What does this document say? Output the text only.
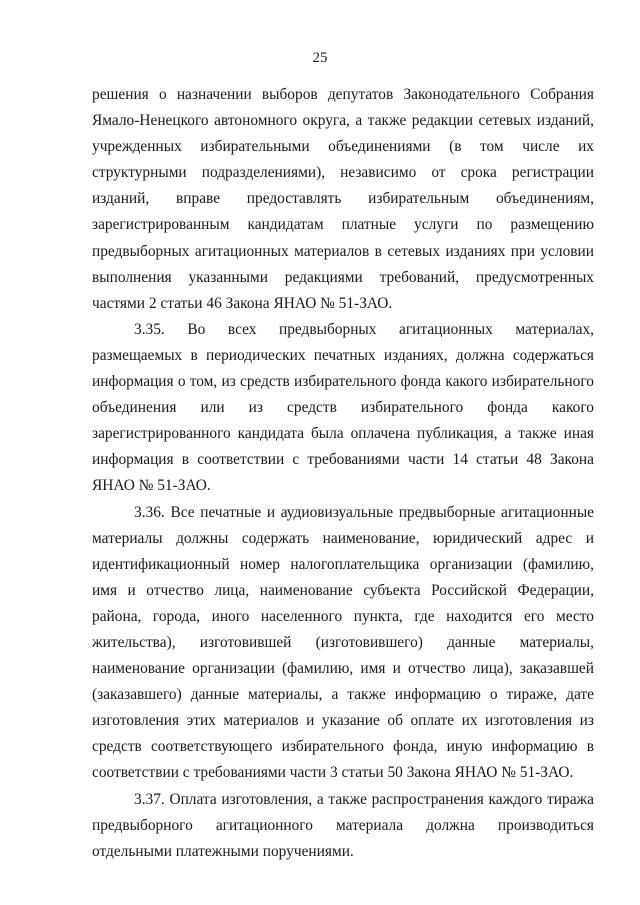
25

решения о назначении выборов депутатов Законодательного Собрания Ямало-Ненецкого автономного округа, а также редакции сетевых изданий, учрежденных избирательными объединениями (в том числе их структурными подразделениями), независимо от срока регистрации изданий, вправе предоставлять избирательным объединениям, зарегистрированным кандидатам платные услуги по размещению предвыборных агитационных материалов в сетевых изданиях при условии выполнения указанными редакциями требований, предусмотренных частями 2 статьи 46 Закона ЯНАО № 51-ЗАО.

3.35. Во всех предвыборных агитационных материалах, размещаемых в периодических печатных изданиях, должна содержаться информация о том, из средств избирательного фонда какого избирательного объединения или из средств избирательного фонда какого зарегистрированного кандидата была оплачена публикация, а также иная информация в соответствии с требованиями части 14 статьи 48 Закона ЯНАО № 51-ЗАО.

3.36. Все печатные и аудиовизуальные предвыборные агитационные материалы должны содержать наименование, юридический адрес и идентификационный номер налогоплательщика организации (фамилию, имя и отчество лица, наименование субъекта Российской Федерации, района, города, иного населенного пункта, где находится его место жительства), изготовившей (изготовившего) данные материалы, наименование организации (фамилию, имя и отчество лица), заказавшей (заказавшего) данные материалы, а также информацию о тираже, дате изготовления этих материалов и указание об оплате их изготовления из средств соответствующего избирательного фонда, иную информацию в соответствии с требованиями части 3 статьи 50 Закона ЯНАО № 51-ЗАО.

3.37. Оплата изготовления, а также распространения каждого тиража предвыборного агитационного материала должна производиться отдельными платежными поручениями.
